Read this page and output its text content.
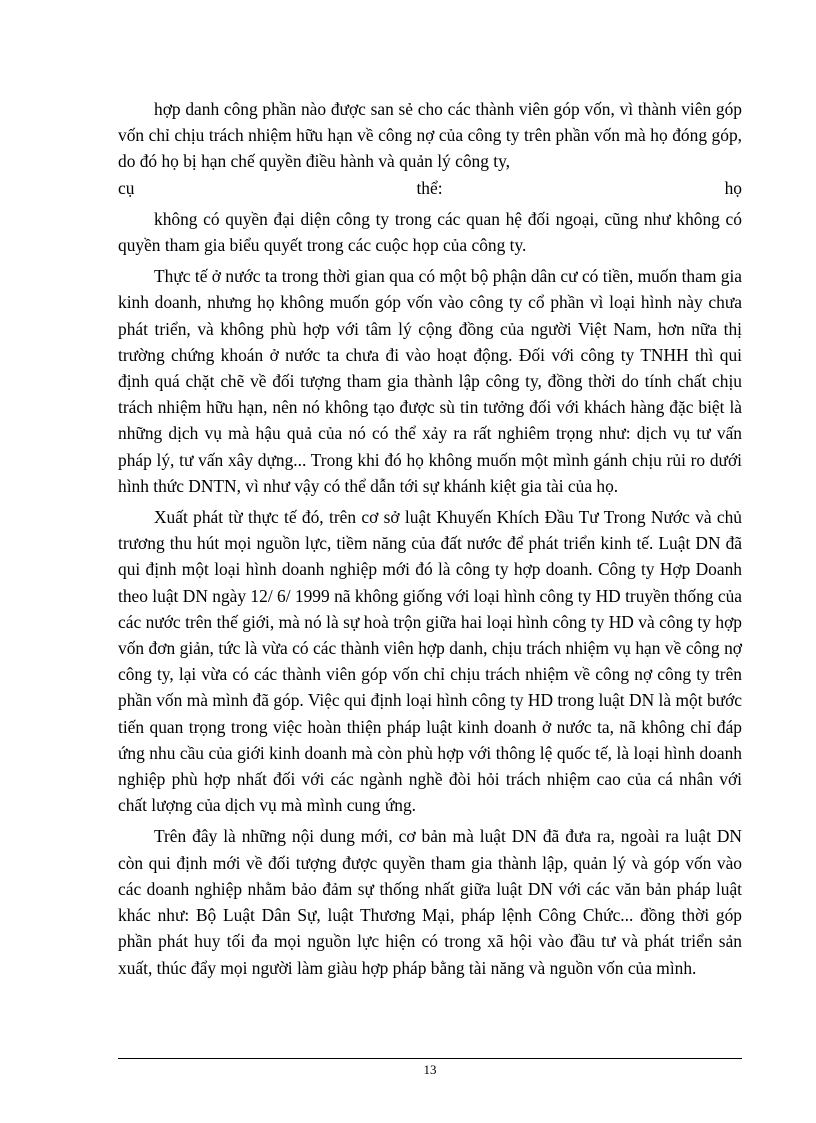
hợp danh công phần nào được san sẻ cho các thành viên góp vốn, vì thành viên góp vốn chỉ chịu trách nhiệm hữu hạn về công nợ của công ty trên phần vốn mà họ đóng góp, do đó họ bị hạn chế quyền điều hành và quản lý công ty,

cụ	thể:	họ

không có quyền đại diện công ty trong các quan hệ đối ngoại, cũng như không có quyền tham gia biểu quyết trong các cuộc họp của công ty.

Thực tế ở nước ta trong thời gian qua có một bộ phận dân cư có tiền, muốn tham gia kinh doanh, nhưng họ không muốn góp vốn vào công ty cổ phần vì loại hình này chưa phát triển, và không phù hợp với tâm lý cộng đồng của người Việt Nam, hơn nữa thị trường chứng khoán ở nước ta chưa đi vào hoạt động. Đối với công ty TNHH thì qui định quá chặt chẽ về đối tượng tham gia thành lập công ty, đồng thời do tính chất chịu trách nhiệm hữu hạn, nên nó không tạo được sù tin tưởng đối với khách hàng đặc biệt là những dịch vụ mà hậu quả của nó có thể xảy ra rất nghiêm trọng như: dịch vụ tư vấn pháp lý, tư vấn xây dựng... Trong khi đó họ không muốn một mình gánh chịu rủi ro dưới hình thức DNTN, vì như vậy có thể dẫn tới sự khánh kiệt gia tài của họ.

Xuất phát từ thực tế đó, trên cơ sở luật Khuyến Khích Đầu Tư Trong Nước và chủ trương thu hút mọi nguồn lực, tiềm năng của đất nước để phát triển kinh tế. Luật DN đã qui định một loại hình doanh nghiệp mới đó là công ty hợp doanh. Công ty Hợp Doanh theo luật DN ngày 12/ 6/ 1999 nã không giống với loại hình công ty HD truyền thống của các nước trên thế giới, mà nó là sự hoà trộn giữa hai loại hình công ty HD và công ty hợp vốn đơn giản, tức là vừa có các thành viên hợp danh, chịu trách nhiệm vụ hạn về công nợ công ty, lại vừa có các thành viên góp vốn chỉ chịu trách nhiệm về công nợ công ty trên phần vốn mà mình đã góp. Việc qui định loại hình công ty HD trong luật DN là một bước tiến quan trọng trong việc hoàn thiện pháp luật kinh doanh ở nước ta, nã không chỉ đáp ứng nhu cầu của giới kinh doanh mà còn phù hợp với thông lệ quốc tế, là loại hình doanh nghiệp phù hợp nhất đối với các ngành nghề đòi hỏi trách nhiệm cao của cá nhân với chất lượng của dịch vụ mà mình cung ứng.

Trên đây là những nội dung mới, cơ bản mà luật DN đã đưa ra, ngoài ra luật DN còn qui định mới về đối tượng được quyền tham gia thành lập, quản lý và góp vốn vào các doanh nghiệp nhằm bảo đảm sự thống nhất giữa luật DN với các văn bản pháp luật khác như: Bộ Luật Dân Sự, luật Thương Mại, pháp lệnh Công Chức... đồng thời góp phần phát huy tối đa mọi nguồn lực hiện có trong xã hội vào đầu tư và phát triển sản xuất, thúc đẩy mọi người làm giàu hợp pháp bằng tài năng và nguồn vốn của mình.

13
